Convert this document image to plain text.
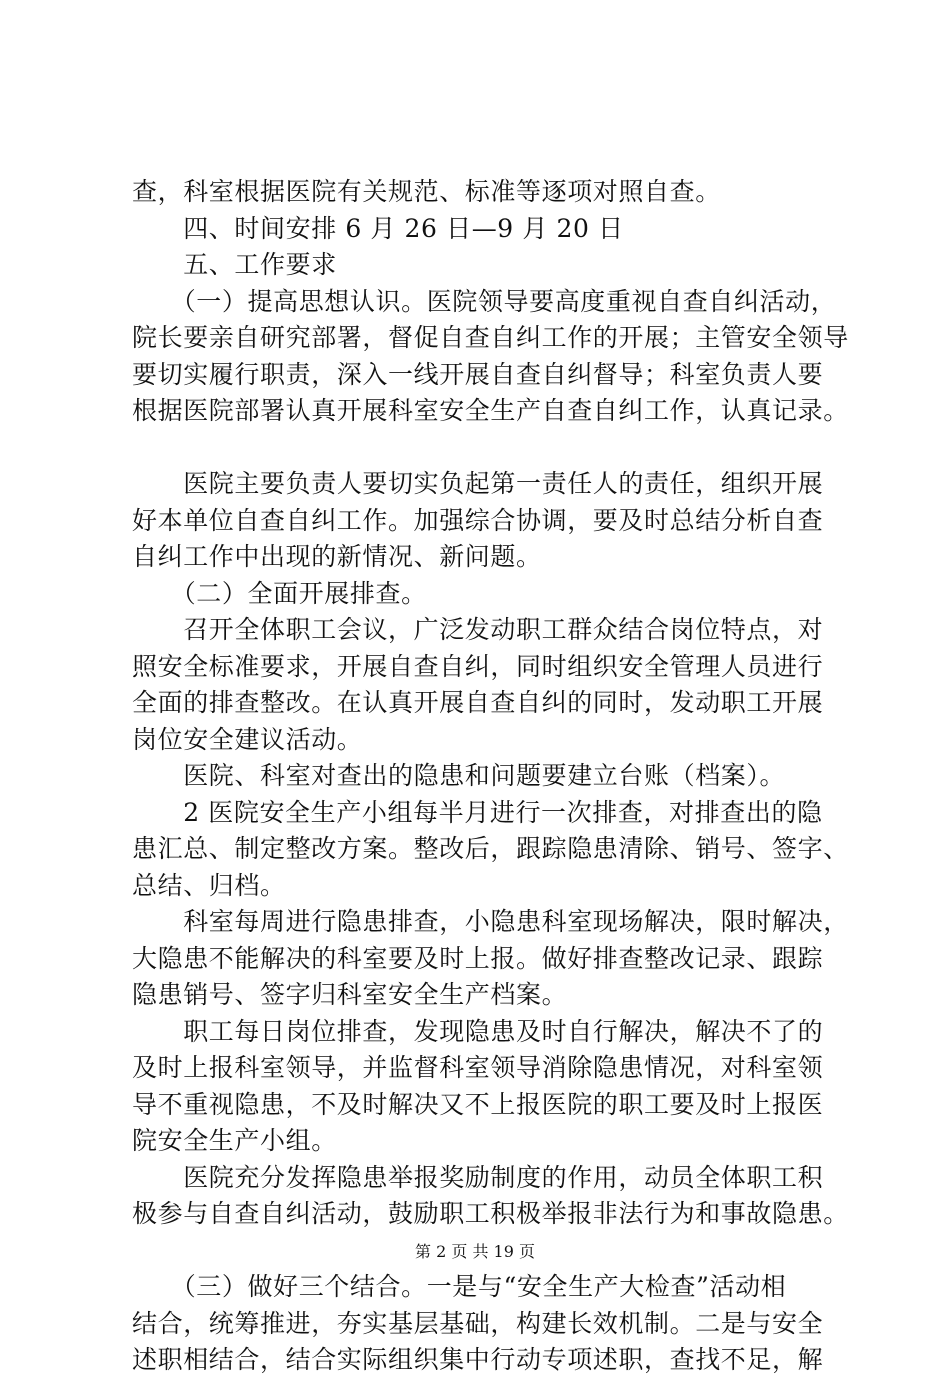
查，科室根据医院有关规范、标准等逐项对照自查。
　　四、时间安排 6 月 26 日—9 月 20 日
　　五、工作要求
　　（一）提高思想认识。医院领导要高度重视自查自纠活动，
院长要亲自研究部署，督促自查自纠工作的开展；主管安全领导
要切实履行职责，深入一线开展自查自纠督导；科室负责人要
根据医院部署认真开展科室安全生产自查自纠工作，认真记录。
　　医院主要负责人要切实负起第一责任人的责任，组织开展
好本单位自查自纠工作。加强综合协调，要及时总结分析自查
自纠工作中出现的新情况、新问题。
　　（二）全面开展排查。
　　召开全体职工会议，广泛发动职工群众结合岗位特点，对
照安全标准要求，开展自查自纠，同时组织安全管理人员进行
全面的排查整改。在认真开展自查自纠的同时，发动职工开展
岗位安全建议活动。
　　医院、科室对查出的隐患和问题要建立台账（档案）。
　　2 医院安全生产小组每半月进行一次排查，对排查出的隐
患汇总、制定整改方案。整改后，跟踪隐患清除、销号、签字、
总结、归档。
　　科室每周进行隐患排查，小隐患科室现场解决，限时解决，
大隐患不能解决的科室要及时上报。做好排查整改记录、跟踪
隐患销号、签字归科室安全生产档案。
　　职工每日岗位排查，发现隐患及时自行解决，解决不了的
及时上报科室领导，并监督科室领导消除隐患情况，对科室领
导不重视隐患，不及时解决又不上报医院的职工要及时上报医
院安全生产小组。
　　医院充分发挥隐患举报奖励制度的作用，动员全体职工积
极参与自查自纠活动，鼓励职工积极举报非法行为和事故隐患。
　　（三）做好三个结合。一是与“安全生产大检查”活动相
结合，统筹推进，夯实基层基础，构建长效机制。二是与安全
述职相结合，结合实际组织集中行动专项述职，查找不足，解
第 2 页 共 19 页
